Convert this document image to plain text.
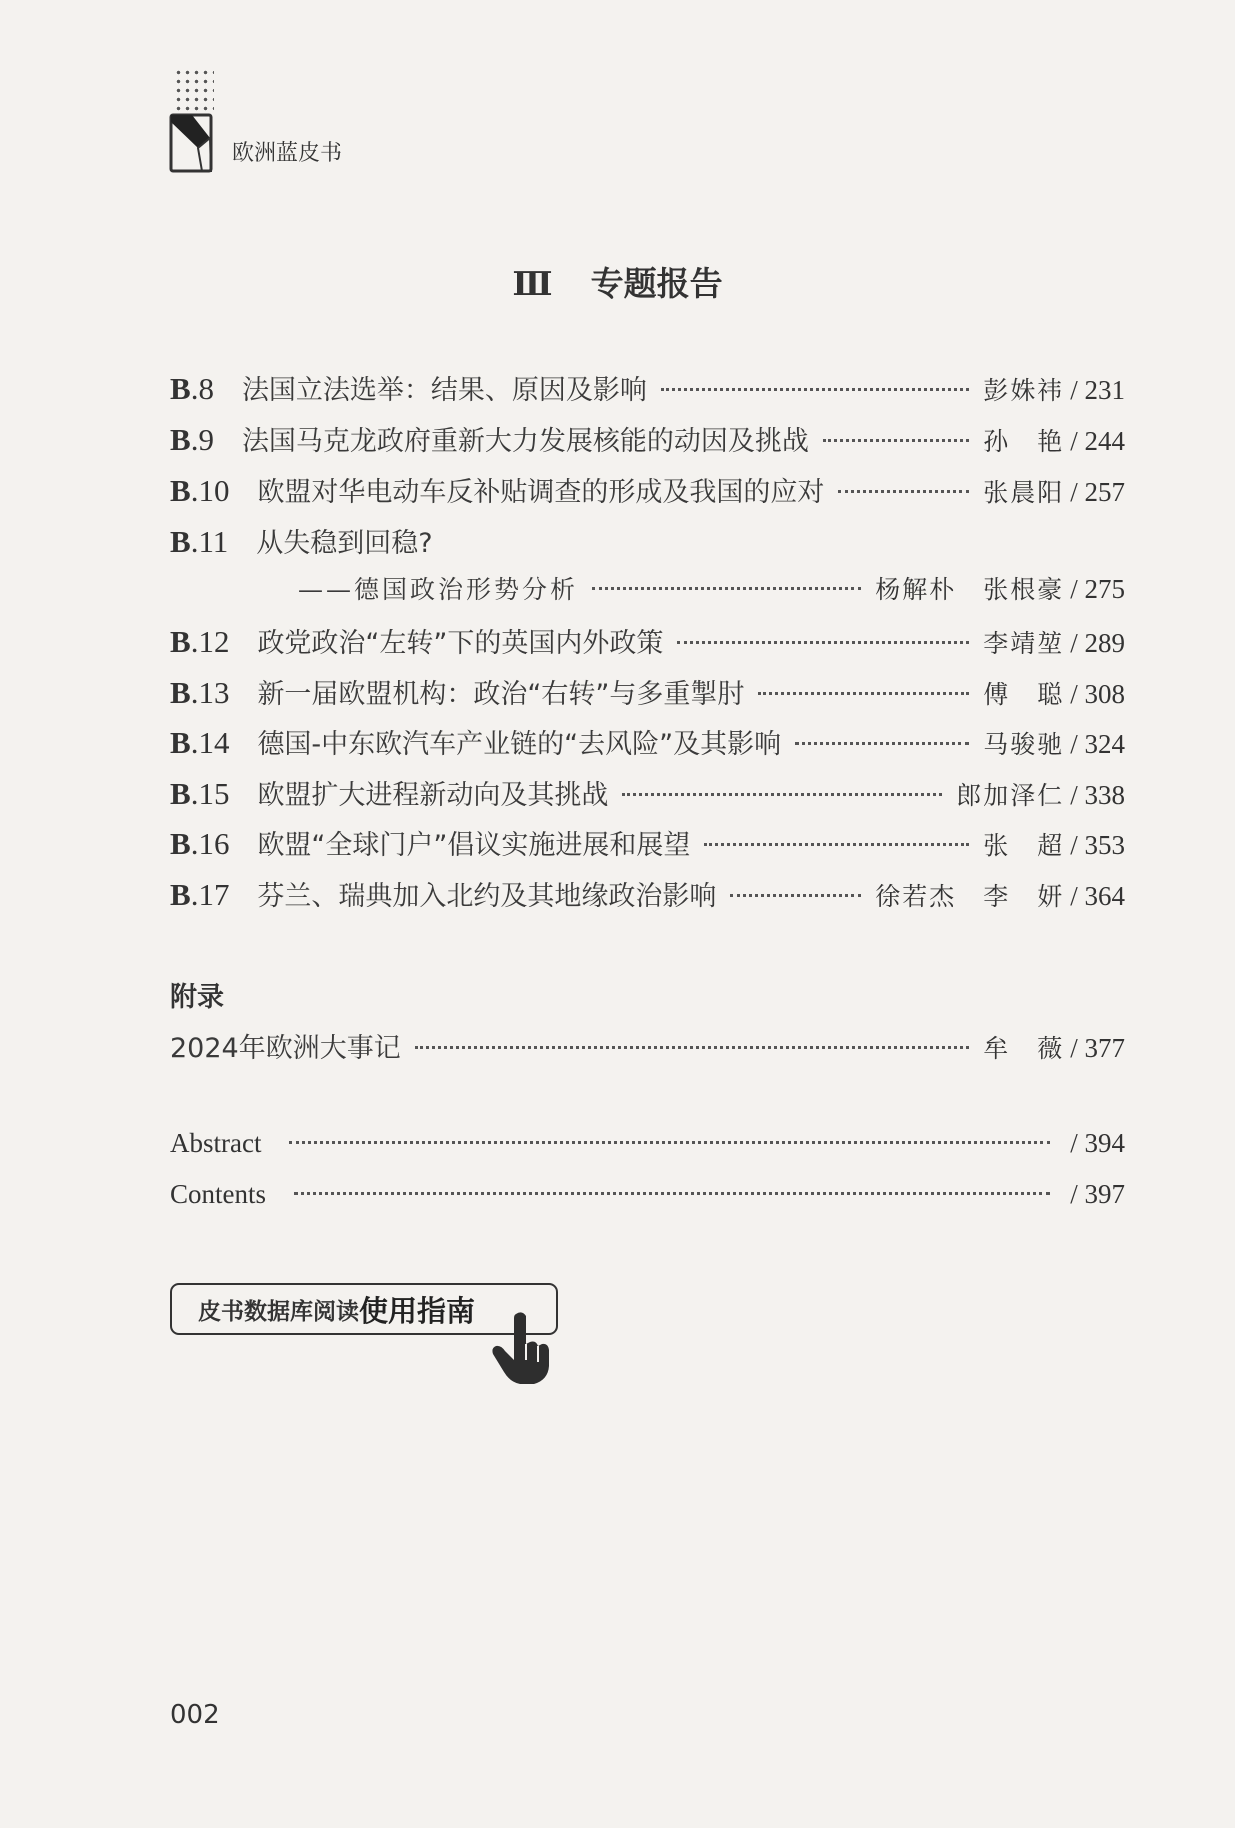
欧洲蓝皮书
Ⅲ 专题报告
B.8 法国立法选举：结果、原因及影响	彭姝祎 / 231
B.9 法国马克龙政府重新大力发展核能的动因及挑战	孙　艳 / 244
B.10 欧盟对华电动车反补贴调查的形成及我国的应对	张晨阳 / 257
B.11 从失稳到回稳?
——德国政治形势分析	杨解朴　张根豪 / 275
B.12 政党政治“左转”下的英国内外政策	李靖堃 / 289
B.13 新一届欧盟机构：政治“右转”与多重掣肘	傅　聪 / 308
B.14 德国-中东欧汽车产业链的“去风险”及其影响	马骏驰 / 324
B.15 欧盟扩大进程新动向及其挑战	郎加泽仁 / 338
B.16 欧盟“全球门户”倡议实施进展和展望	张　超 / 353
B.17 芬兰、瑞典加入北约及其地缘政治影响	徐若杰　李　妍 / 364
2024年欧洲大事记	牟　薇 / 377
Abstract	/ 394
Contents	/ 397
附录
皮书数据库阅读 使用指南
002
